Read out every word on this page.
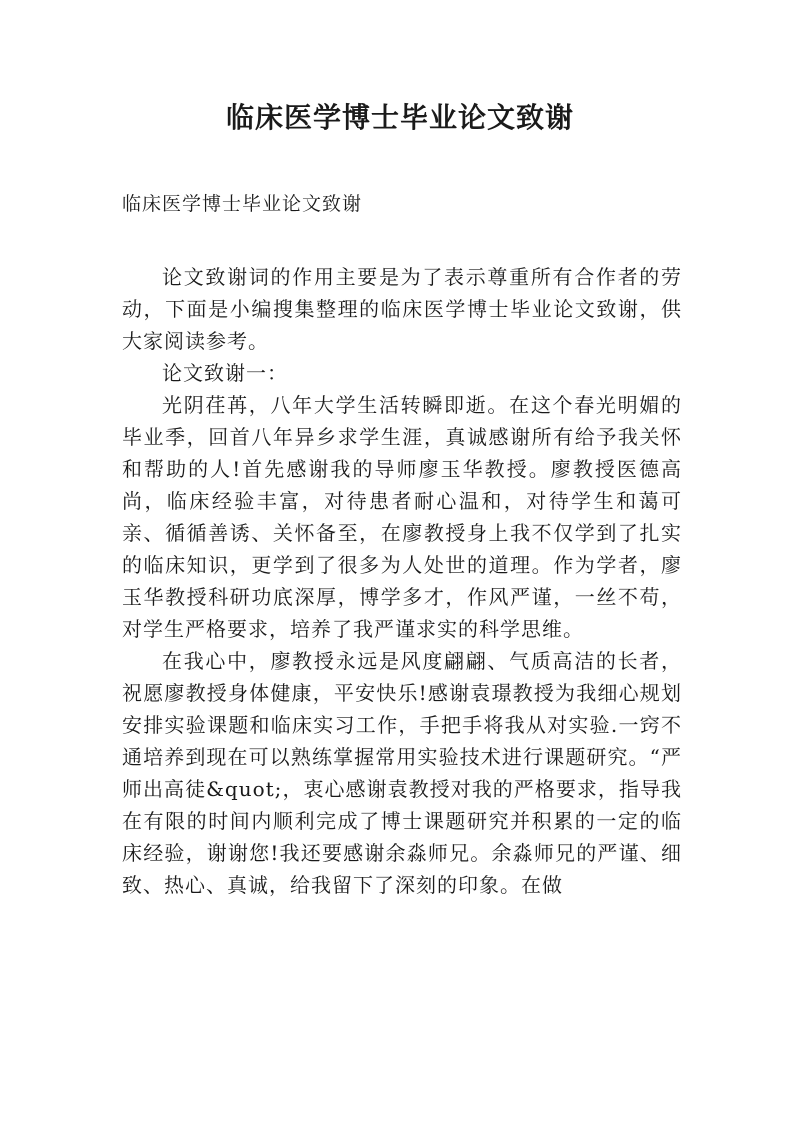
临床医学博士毕业论文致谢
临床医学博士毕业论文致谢

论文致谢词的作用主要是为了表示尊重所有合作者的劳动，下面是小编搜集整理的临床医学博士毕业论文致谢，供大家阅读参考。

论文致谢一：

光阴荏苒，八年大学生活转瞬即逝。在这个春光明媚的毕业季，回首八年异乡求学生涯，真诚感谢所有给予我关怀和帮助的人!首先感谢我的导师廖玉华教授。廖教授医德高尚，临床经验丰富，对待患者耐心温和，对待学生和蔼可亲、循循善诱、关怀备至，在廖教授身上我不仅学到了扎实的临床知识，更学到了很多为人处世的道理。作为学者，廖玉华教授科研功底深厚，博学多才，作风严谨，一丝不苟，对学生严格要求，培养了我严谨求实的科学思维。

在我心中，廖教授永远是风度翩翩、气质高洁的长者，祝愿廖教授身体健康，平安快乐!感谢袁璟教授为我细心规划安排实验课题和临床实习工作，手把手将我从对实验.一窍不通培养到现在可以熟练掌握常用实验技术进行课题研究。“严师出高徒&quot;，衷心感谢袁教授对我的严格要求，指导我在有限的时间内顺利完成了博士课题研究并积累的一定的临床经验，谢谢您!我还要感谢余淼师兄。余淼师兄的严谨、细致、热心、真诚，给我留下了深刻的印象。在做
